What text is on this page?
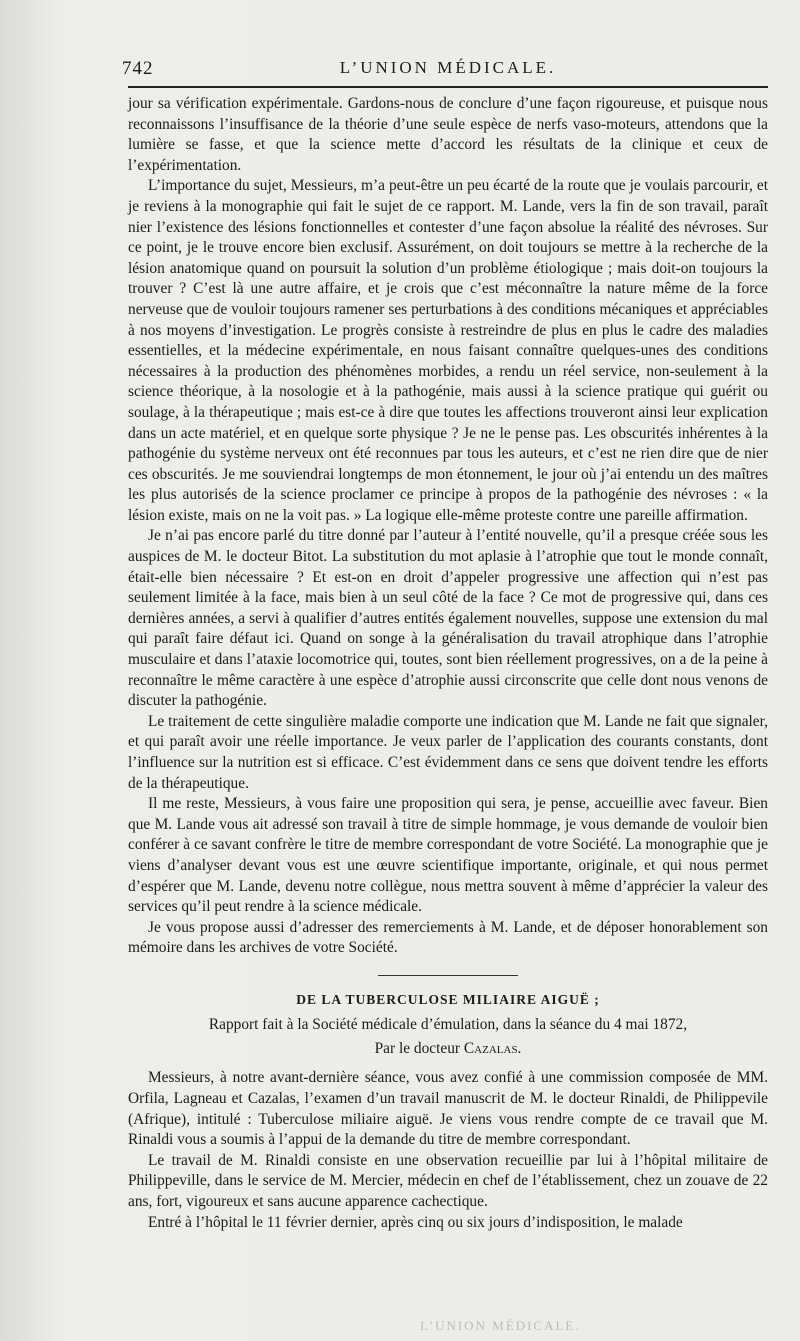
742	L’UNION MÉDICALE.

jour sa vérification expérimentale. Gardons-nous de conclure d’une façon rigoureuse, et puisque nous reconnaissons l’insuffisance de la théorie d’une seule espèce de nerfs vaso-moteurs, attendons que la lumière se fasse, et que la science mette d’accord les résultats de la clinique et ceux de l’expérimentation.

L’importance du sujet, Messieurs, m’a peut-être un peu écarté de la route que je voulais parcourir, et je reviens à la monographie qui fait le sujet de ce rapport. M. Lande, vers la fin de son travail, paraît nier l’existence des lésions fonctionnelles et contester d’une façon absolue la réalité des névroses. Sur ce point, je le trouve encore bien exclusif. Assurément, on doit toujours se mettre à la recherche de la lésion anatomique quand on poursuit la solution d’un problème étiologique ; mais doit-on toujours la trouver ? C’est là une autre affaire, et je crois que c’est méconnaître la nature même de la force nerveuse que de vouloir toujours ramener ses perturbations à des conditions mécaniques et appréciables à nos moyens d’investigation. Le progrès consiste à restreindre de plus en plus le cadre des maladies essentielles, et la médecine expérimentale, en nous faisant connaître quelques-unes des conditions nécessaires à la production des phénomènes morbides, a rendu un réel service, non-seulement à la science théorique, à la nosologie et à la pathogénie, mais aussi à la science pratique qui guérit ou soulage, à la thérapeutique ; mais est-ce à dire que toutes les affections trouveront ainsi leur explication dans un acte matériel, et en quelque sorte physique ? Je ne le pense pas. Les obscurités inhérentes à la pathogénie du système nerveux ont été reconnues par tous les auteurs, et c’est ne rien dire que de nier ces obscurités. Je me souviendrai longtemps de mon étonnement, le jour où j’ai entendu un des maîtres les plus autorisés de la science proclamer ce principe à propos de la pathogénie des névroses : « la lésion existe, mais on ne la voit pas. » La logique elle-même proteste contre une pareille affirmation.

Je n’ai pas encore parlé du titre donné par l’auteur à l’entité nouvelle, qu’il a presque créée sous les auspices de M. le docteur Bitot. La substitution du mot aplasie à l’atrophie que tout le monde connaît, était-elle bien nécessaire ? Et est-on en droit d’appeler progressive une affection qui n’est pas seulement limitée à la face, mais bien à un seul côté de la face ? Ce mot de progressive qui, dans ces dernières années, a servi à qualifier d’autres entités également nouvelles, suppose une extension du mal qui paraît faire défaut ici. Quand on songe à la généralisation du travail atrophique dans l’atrophie musculaire et dans l’ataxie locomotrice qui, toutes, sont bien réellement progressives, on a de la peine à reconnaître le même caractère à une espèce d’atrophie aussi circonscrite que celle dont nous venons de discuter la pathogénie.

Le traitement de cette singulière maladie comporte une indication que M. Lande ne fait que signaler, et qui paraît avoir une réelle importance. Je veux parler de l’application des courants constants, dont l’influence sur la nutrition est si efficace. C’est évidemment dans ce sens que doivent tendre les efforts de la thérapeutique.

Il me reste, Messieurs, à vous faire une proposition qui sera, je pense, accueillie avec faveur. Bien que M. Lande vous ait adressé son travail à titre de simple hommage, je vous demande de vouloir bien conférer à ce savant confrère le titre de membre correspondant de votre Société. La monographie que je viens d’analyser devant vous est une œuvre scientifique importante, originale, et qui nous permet d’espérer que M. Lande, devenu notre collègue, nous mettra souvent à même d’apprécier la valeur des services qu’il peut rendre à la science médicale.

Je vous propose aussi d’adresser des remerciements à M. Lande, et de déposer honorablement son mémoire dans les archives de votre Société.

DE LA TUBERCULOSE MILIAIRE AIGUË ;
Rapport fait à la Société médicale d’émulation, dans la séance du 4 mai 1872,
Par le docteur Cazalas.

Messieurs, à notre avant-dernière séance, vous avez confié à une commission composée de MM. Orfila, Lagneau et Cazalas, l’examen d’un travail manuscrit de M. le docteur Rinaldi, de Philippevile (Afrique), intitulé : Tuberculose miliaire aiguë. Je viens vous rendre compte de ce travail que M. Rinaldi vous a soumis à l’appui de la demande du titre de membre correspondant.

Le travail de M. Rinaldi consiste en une observation recueillie par lui à l’hôpital militaire de Philippeville, dans le service de M. Mercier, médecin en chef de l’établissement, chez un zouave de 22 ans, fort, vigoureux et sans aucune apparence cachectique.

Entré à l’hôpital le 11 février dernier, après cinq ou six jours d’indisposition, le malade

L’UNION MÉDICALE.
